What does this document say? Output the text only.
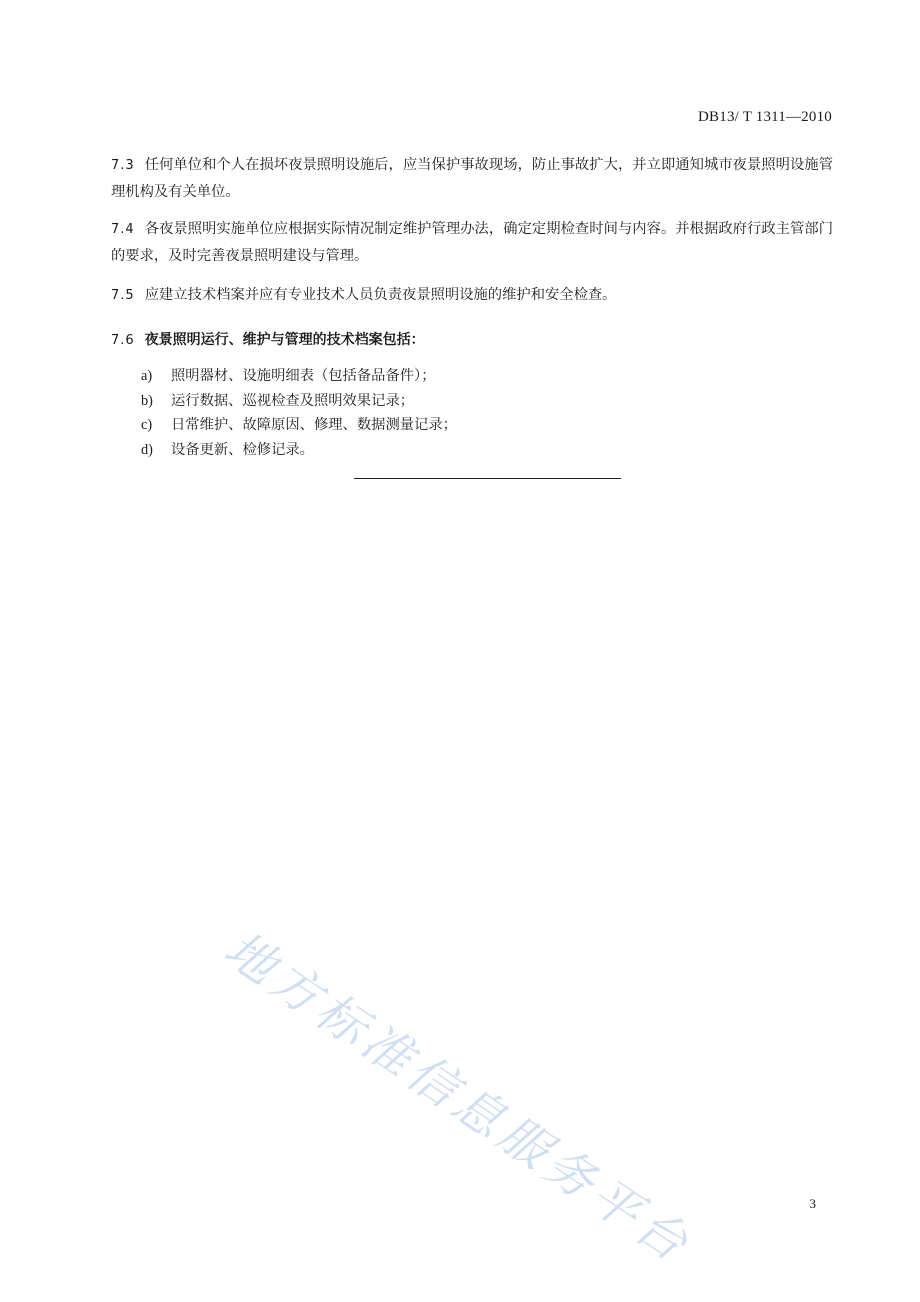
DB13/ T 1311—2010
7.3 任何单位和个人在损坏夜景照明设施后，应当保护事故现场，防止事故扩大，并立即通知城市夜景照明设施管理机构及有关单位。
7.4 各夜景照明实施单位应根据实际情况制定维护管理办法，确定定期检查时间与内容。并根据政府行政主管部门的要求，及时完善夜景照明建设与管理。
7.5 应建立技术档案并应有专业技术人员负责夜景照明设施的维护和安全检查。
7.6 夜景照明运行、维护与管理的技术档案包括：
a) 照明器材、设施明细表（包括备品备件）；
b) 运行数据、巡视检查及照明效果记录；
c) 日常维护、故障原因、修理、数据测量记录；
d) 设备更新、检修记录。
地方标准信息服务平台	3
